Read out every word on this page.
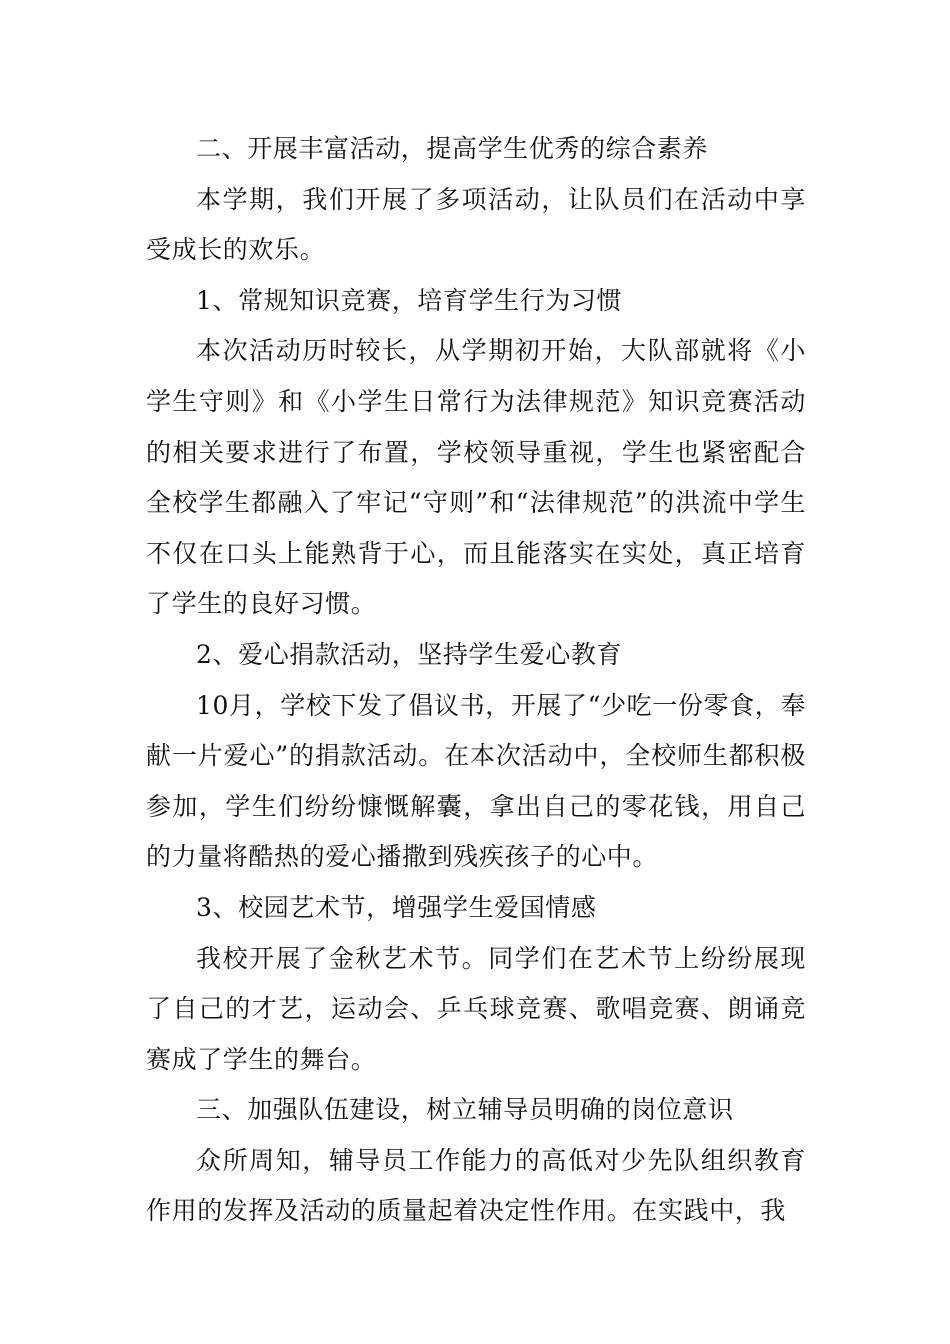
二、开展丰富活动，提高学生优秀的综合素养

本学期，我们开展了多项活动，让队员们在活动中享受成长的欢乐。

1、常规知识竞赛，培育学生行为习惯

本次活动历时较长，从学期初开始，大队部就将《小学生守则》和《小学生日常行为法律规范》知识竞赛活动的相关要求进行了布置，学校领导重视，学生也紧密配合全校学生都融入了牢记“守则”和“法律规范”的洪流中学生不仅在口头上能熟背于心，而且能落实在实处，真正培育了学生的良好习惯。

2、爱心捐款活动，坚持学生爱心教育

10月，学校下发了倡议书，开展了“少吃一份零食，奉献一片爱心”的捐款活动。在本次活动中，全校师生都积极参加，学生们纷纷慷慨解囊，拿出自己的零花钱，用自己的力量将酷热的爱心播撒到残疾孩子的心中。

3、校园艺术节，增强学生爱国情感

我校开展了金秋艺术节。同学们在艺术节上纷纷展现了自己的才艺，运动会、乒乓球竞赛、歌唱竞赛、朗诵竞赛成了学生的舞台。

三、加强队伍建设，树立辅导员明确的岗位意识

众所周知，辅导员工作能力的高低对少先队组织教育作用的发挥及活动的质量起着决定性作用。在实践中，我
